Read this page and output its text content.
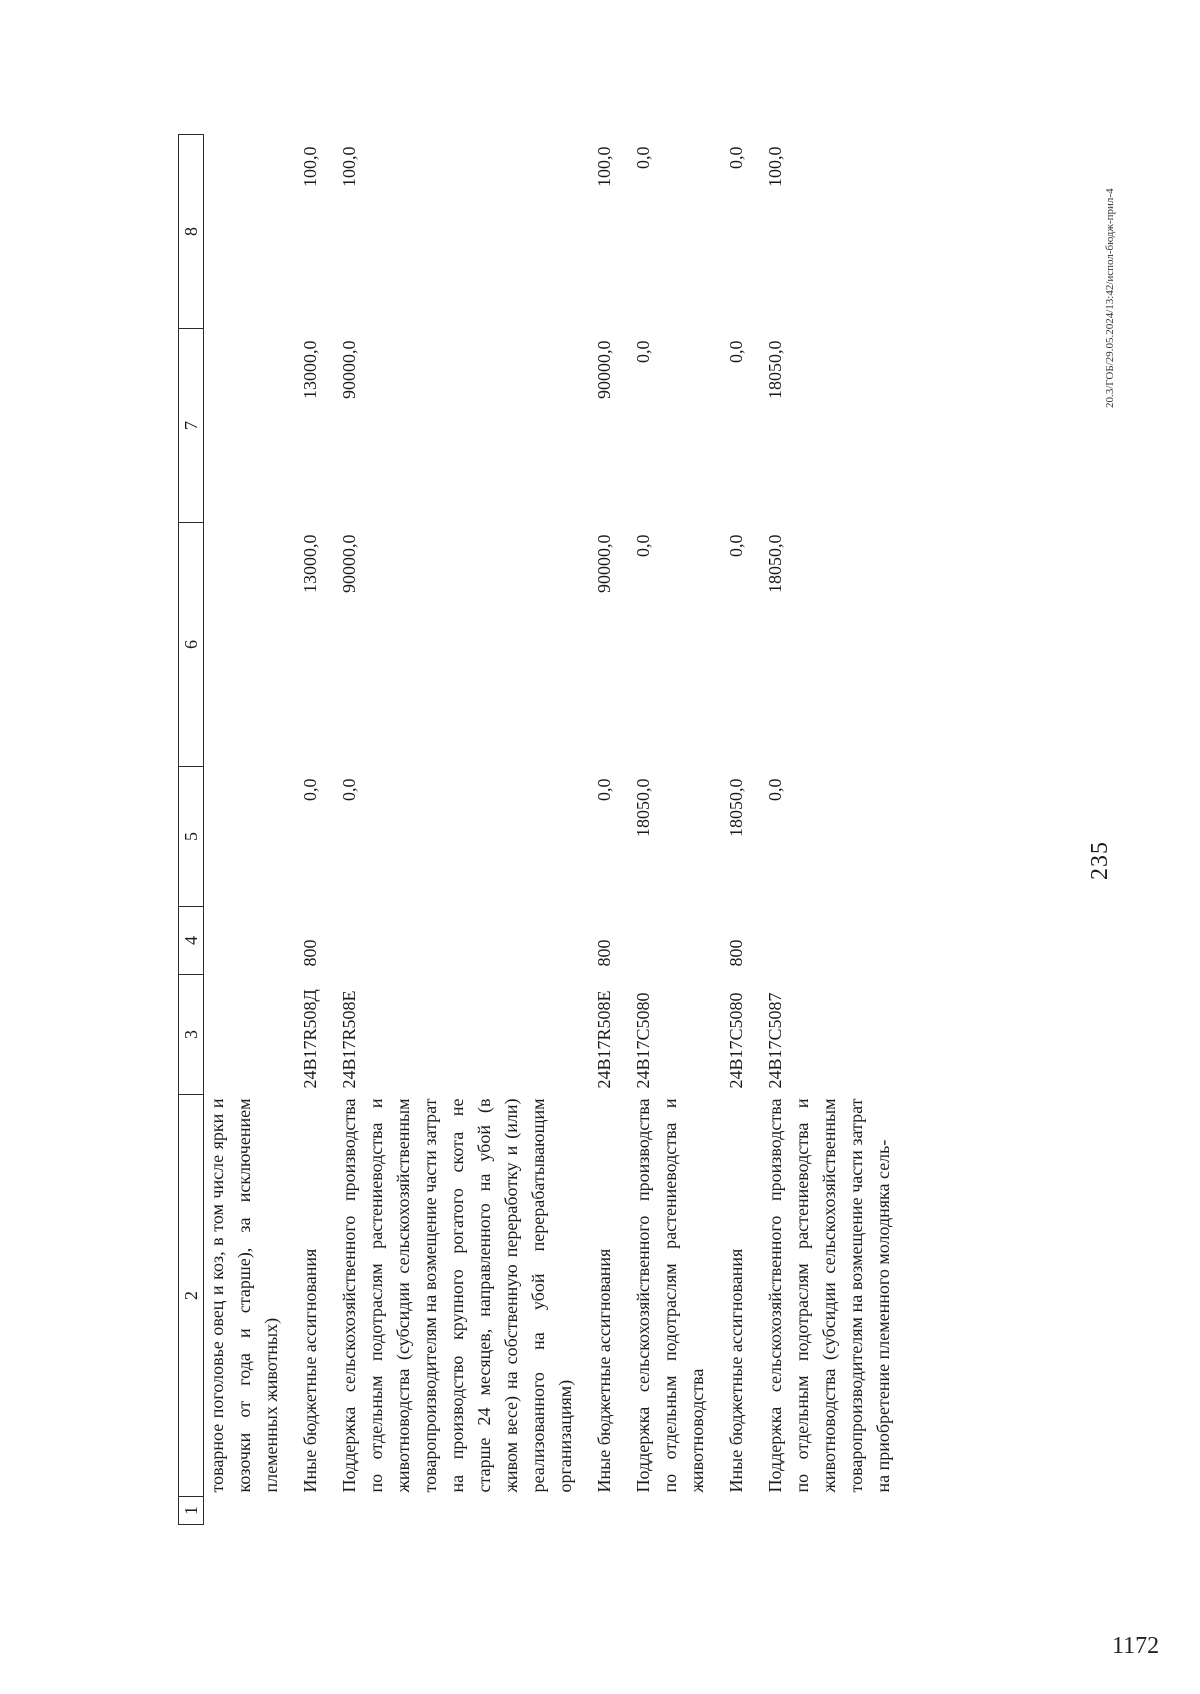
235
1	2	3	4	5	6	7	8
	товарное поголовье овец и коз, в том числе ярки и козочки от года и старше), за исключением племенных животных)						
	Иные бюджетные ассигнования	24В17R508Д	800	0,0	13000,0	13000,0	100,0
	Поддержка сельскохозяйственного производства по отдельным подотраслям растениеводства и животноводства (субсидии сельскохозяйственным товаропроизводителям на возмещение части затрат на производство крупного рогатого скота не старше 24 месяцев, направленного на убой (в живом весе) на собственную переработку и (или) реализованного на убой перерабатывающим организациям)	24В17R508Е		0,0	90000,0	90000,0	100,0
	Иные бюджетные ассигнования	24В17R508Е	800	0,0	90000,0	90000,0	100,0
	Поддержка сельскохозяйственного производства по отдельным подотраслям растениеводства и животноводства	24В17С5080		18050,0	0,0	0,0	0,0
	Иные бюджетные ассигнования	24В17С5080	800	18050,0	0,0	0,0	0,0
	Поддержка сельскохозяйственного производства по отдельным подотраслям растениеводства и животноводства (субсидии сельскохозяйственным товаропроизводителям на возмещение части затрат на приобретение племенного молодняка сель-	24В17С5087		0,0	18050,0	18050,0	100,0
20.3/ГОБ/29.05.2024/13:42/испол-бюдж-прил-4
1172
